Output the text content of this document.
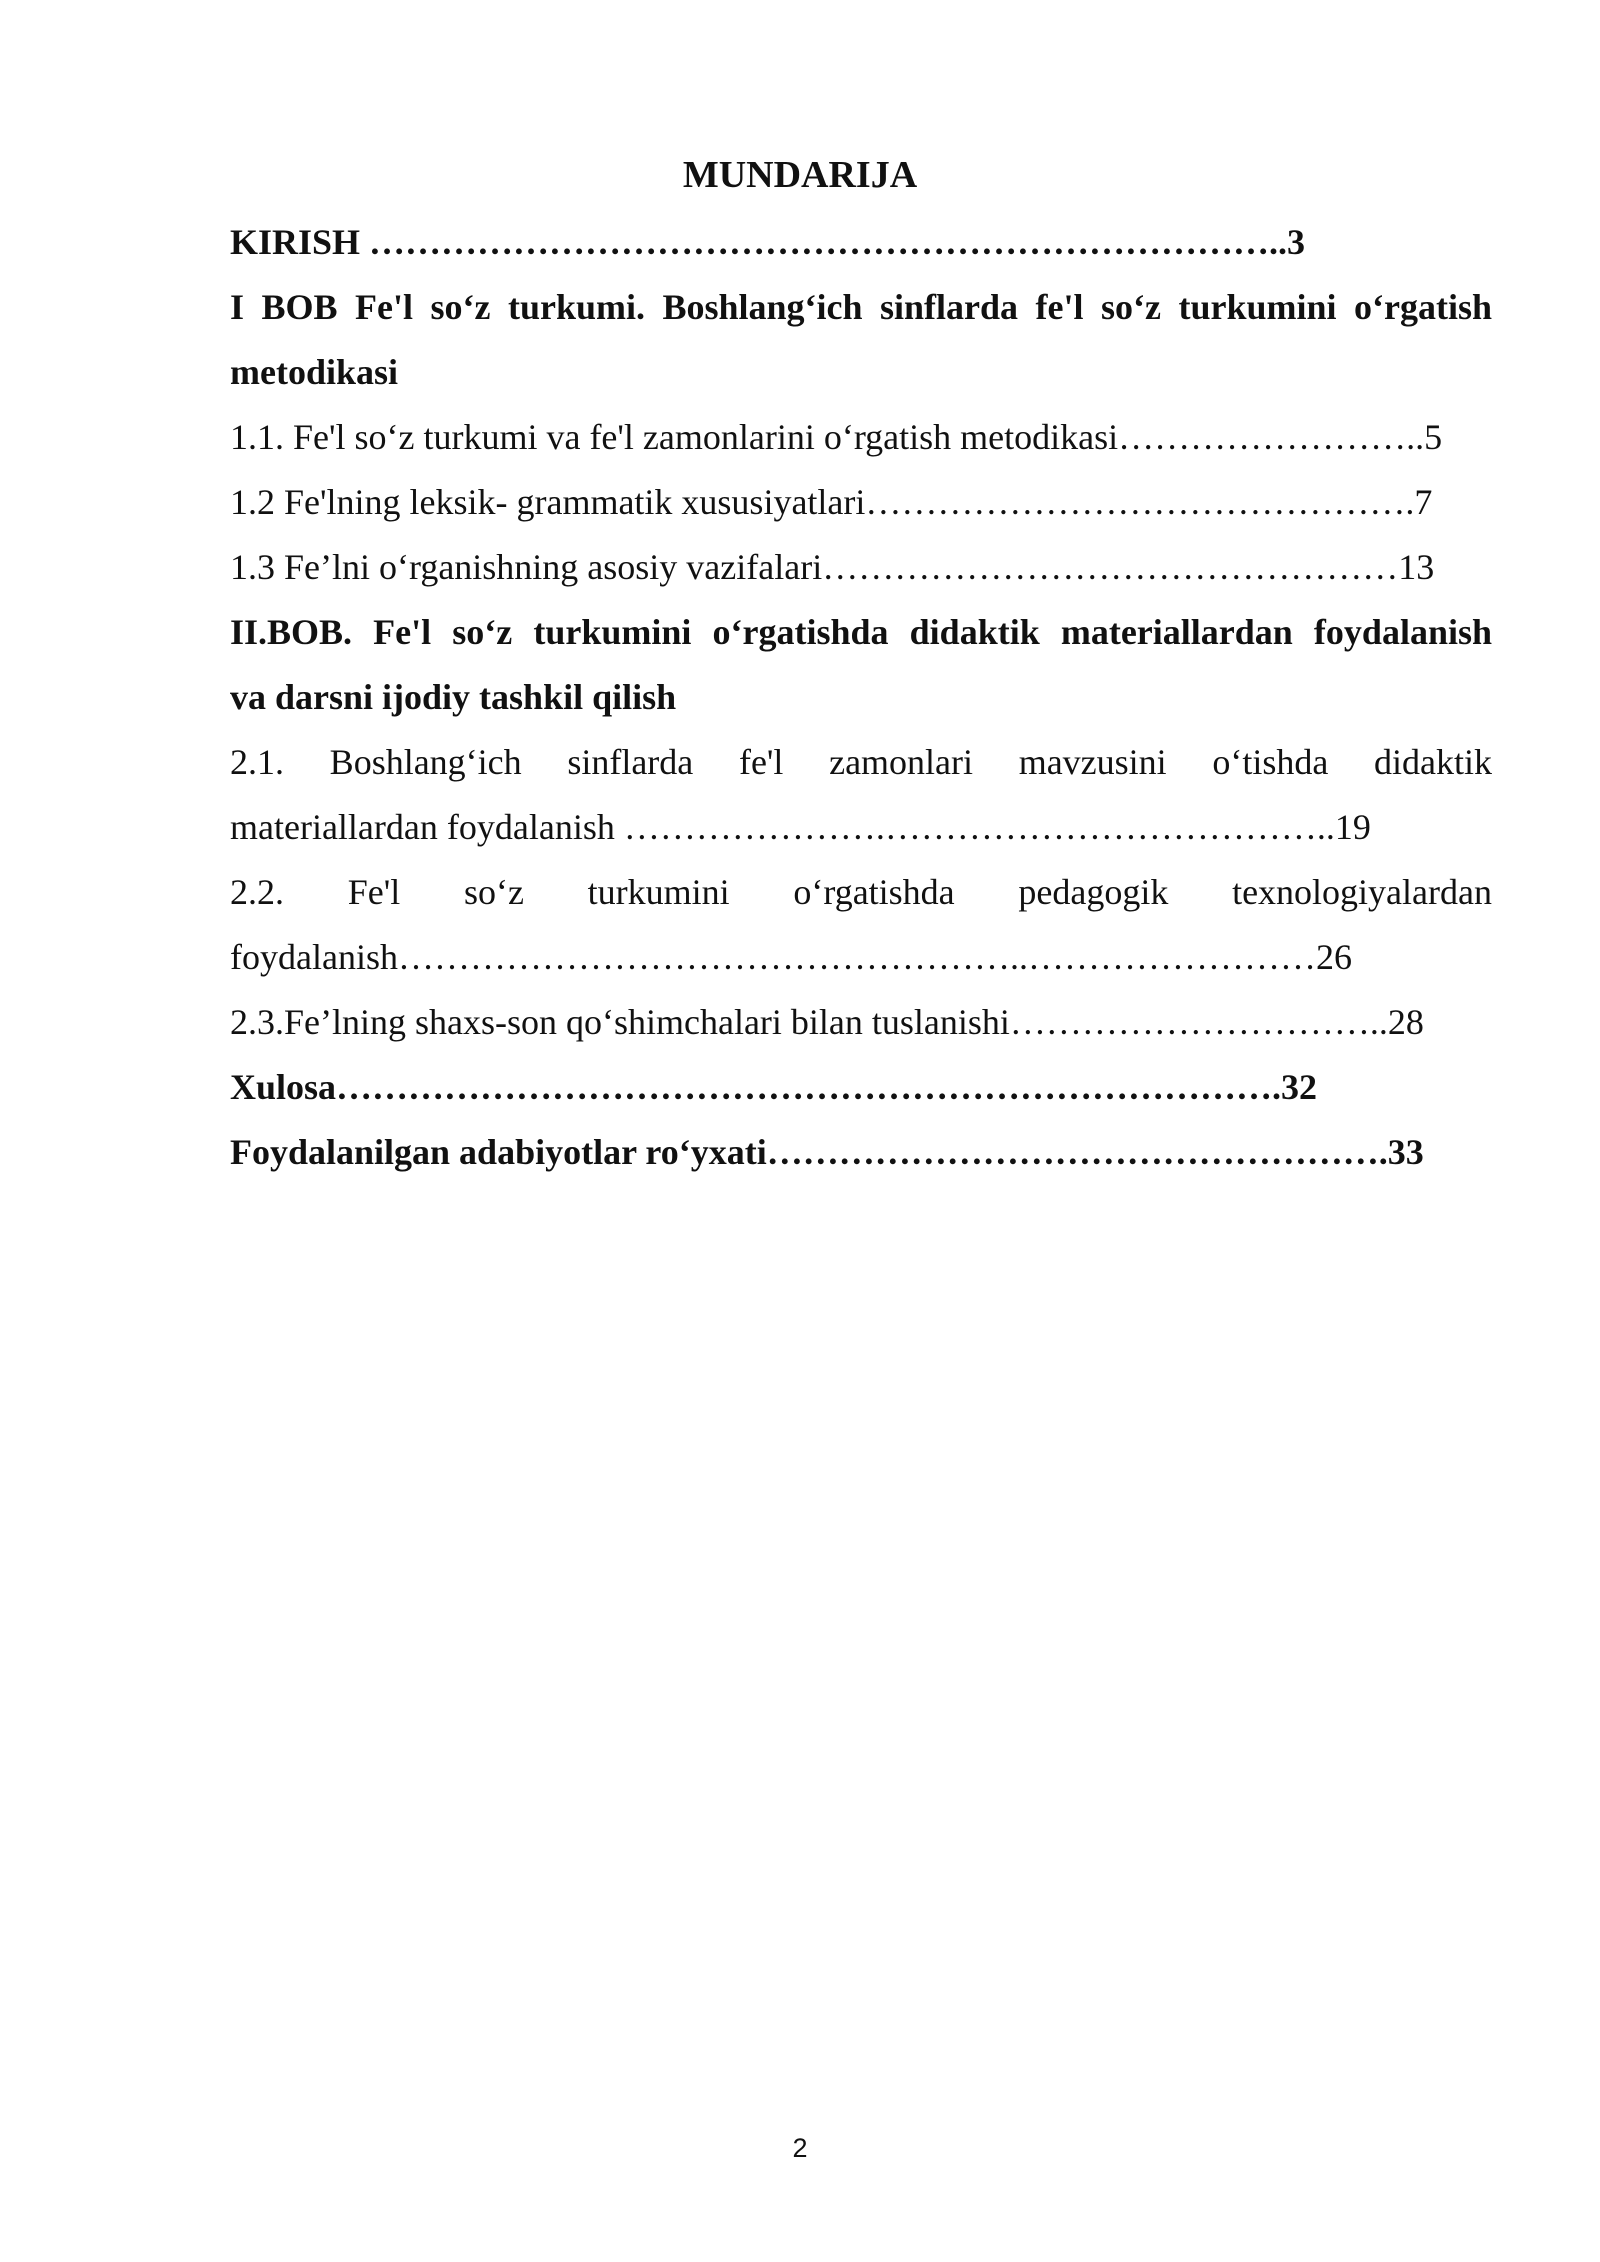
MUNDARIJA

KIRISH …………………………………………………………………..3

I BOB Fe'l so‘z turkumi. Boshlang‘ich sinflarda fe'l so‘z turkumini o‘rgatish

metodikasi

1.1. Fe'l so‘z turkumi va fe'l zamonlarini o‘rgatish metodikasi……………………..5

1.2 Fe'lning leksik- grammatik xususiyatlari……………………………………….7

1.3 Fe’lni o‘rganishning asosiy vazifalari…………………………………………13

II.BOB. Fe'l so‘z turkumini o‘rgatishda didaktik materiallardan foydalanish

va darsni ijodiy tashkil qilish

2.1. Boshlang‘ich sinflarda fe'l zamonlari mavzusini o‘tishda didaktik

materiallardan foydalanish ………………….………………………………..19

2.2. Fe'l so‘z turkumini o‘rgatishda pedagogik texnologiyalardan

foydalanish……………………………………………..……………………26

2.3.Fe’lning shaxs-son qo‘shimchalari bilan tuslanishi…………………………..28

Xulosa…………………………………………………………………….32

Foydalanilgan adabiyotlar ro‘yxati…………………………………………….33

2
